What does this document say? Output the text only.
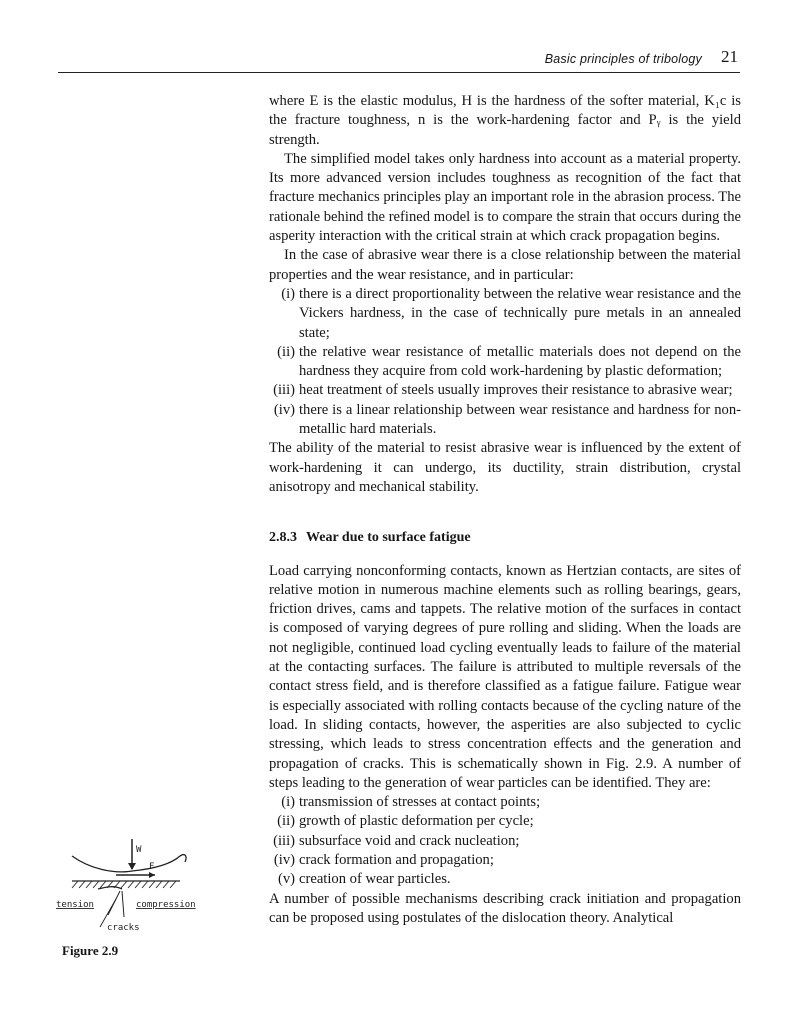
Basic principles of tribology 21

where E is the elastic modulus, H is the hardness of the softer material, K₁c is the fracture toughness, n is the work-hardening factor and Pᵧ is the yield strength.

The simplified model takes only hardness into account as a material property. Its more advanced version includes toughness as recognition of the fact that fracture mechanics principles play an important role in the abrasion process. The rationale behind the refined model is to compare the strain that occurs during the asperity interaction with the critical strain at which crack propagation begins.

In the case of abrasive wear there is a close relationship between the material properties and the wear resistance, and in particular:

(i) there is a direct proportionality between the relative wear resistance and the Vickers hardness, in the case of technically pure metals in an annealed state;
(ii) the relative wear resistance of metallic materials does not depend on the hardness they acquire from cold work-hardening by plastic deformation;
(iii) heat treatment of steels usually improves their resistance to abrasive wear;
(iv) there is a linear relationship between wear resistance and hardness for non-metallic hard materials.

The ability of the material to resist abrasive wear is influenced by the extent of work-hardening it can undergo, its ductility, strain distribution, crystal anisotropy and mechanical stability.

2.8.3 Wear due to surface fatigue

Load carrying nonconforming contacts, known as Hertzian contacts, are sites of relative motion in numerous machine elements such as rolling bearings, gears, friction drives, cams and tappets. The relative motion of the surfaces in contact is composed of varying degrees of pure rolling and sliding. When the loads are not negligible, continued load cycling eventually leads to failure of the material at the contacting surfaces. The failure is attributed to multiple reversals of the contact stress field, and is therefore classified as a fatigue failure. Fatigue wear is especially associated with rolling contacts because of the cycling nature of the load. In sliding contacts, however, the asperities are also subjected to cyclic stressing, which leads to stress concentration effects and the generation and propagation of cracks. This is schematically shown in Fig. 2.9. A number of steps leading to the generation of wear particles can be identified. They are:

(i) transmission of stresses at contact points;
(ii) growth of plastic deformation per cycle;
(iii) subsurface void and crack nucleation;
(iv) crack formation and propagation;
(v) creation of wear particles.

A number of possible mechanisms describing crack initiation and propagation can be proposed using postulates of the dislocation theory. Analytical

W
F
tension	compression
cracks
Figure 2.9
